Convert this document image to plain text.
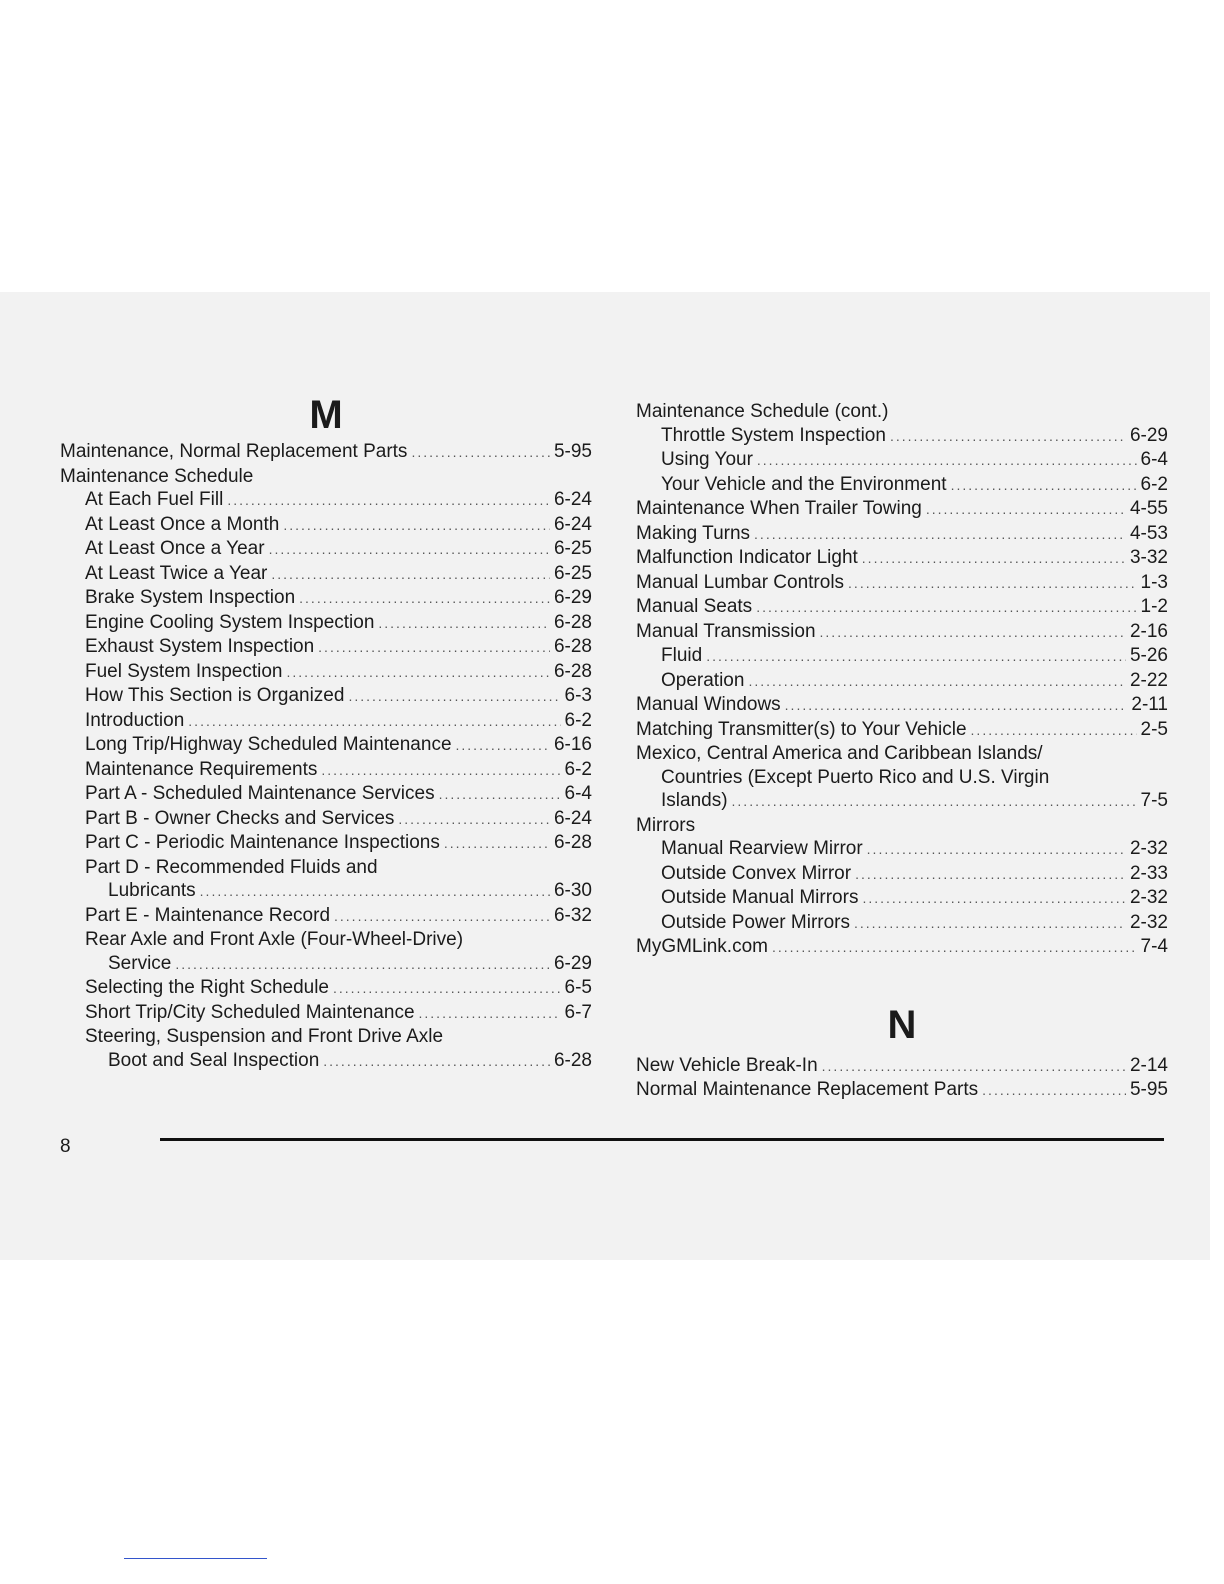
M
Maintenance, Normal Replacement Parts .....	5-95
Maintenance Schedule
At Each Fuel Fill .....	6-24
At Least Once a Month .....	6-24
At Least Once a Year .....	6-25
At Least Twice a Year .....	6-25
Brake System Inspection .....	6-29
Engine Cooling System Inspection .....	6-28
Exhaust System Inspection .....	6-28
Fuel System Inspection .....	6-28
How This Section is Organized .....	6-3
Introduction .....	6-2
Long Trip/Highway Scheduled Maintenance .....	6-16
Maintenance Requirements .....	6-2
Part A - Scheduled Maintenance Services .....	6-4
Part B - Owner Checks and Services .....	6-24
Part C - Periodic Maintenance Inspections .....	6-28
Part D - Recommended Fluids and
Lubricants .....	6-30
Part E - Maintenance Record .....	6-32
Rear Axle and Front Axle (Four-Wheel-Drive)
Service .....	6-29
Selecting the Right Schedule .....	6-5
Short Trip/City Scheduled Maintenance .....	6-7
Steering, Suspension and Front Drive Axle
Boot and Seal Inspection .....	6-28
Maintenance Schedule (cont.)
Throttle System Inspection .....	6-29
Using Your .....	6-4
Your Vehicle and the Environment .....	6-2
Maintenance When Trailer Towing .....	4-55
Making Turns .....	4-53
Malfunction Indicator Light .....	3-32
Manual Lumbar Controls .....	1-3
Manual Seats .....	1-2
Manual Transmission .....	2-16
Fluid .....	5-26
Operation .....	2-22
Manual Windows .....	2-11
Matching Transmitter(s) to Your Vehicle .....	2-5
Mexico, Central America and Caribbean Islands/
Countries (Except Puerto Rico and U.S. Virgin
Islands) .....	7-5
Mirrors
Manual Rearview Mirror .....	2-32
Outside Convex Mirror .....	2-33
Outside Manual Mirrors .....	2-32
Outside Power Mirrors .....	2-32
MyGMLink.com .....	7-4
N
New Vehicle Break-In .....	2-14
Normal Maintenance Replacement Parts .....	5-95
8
